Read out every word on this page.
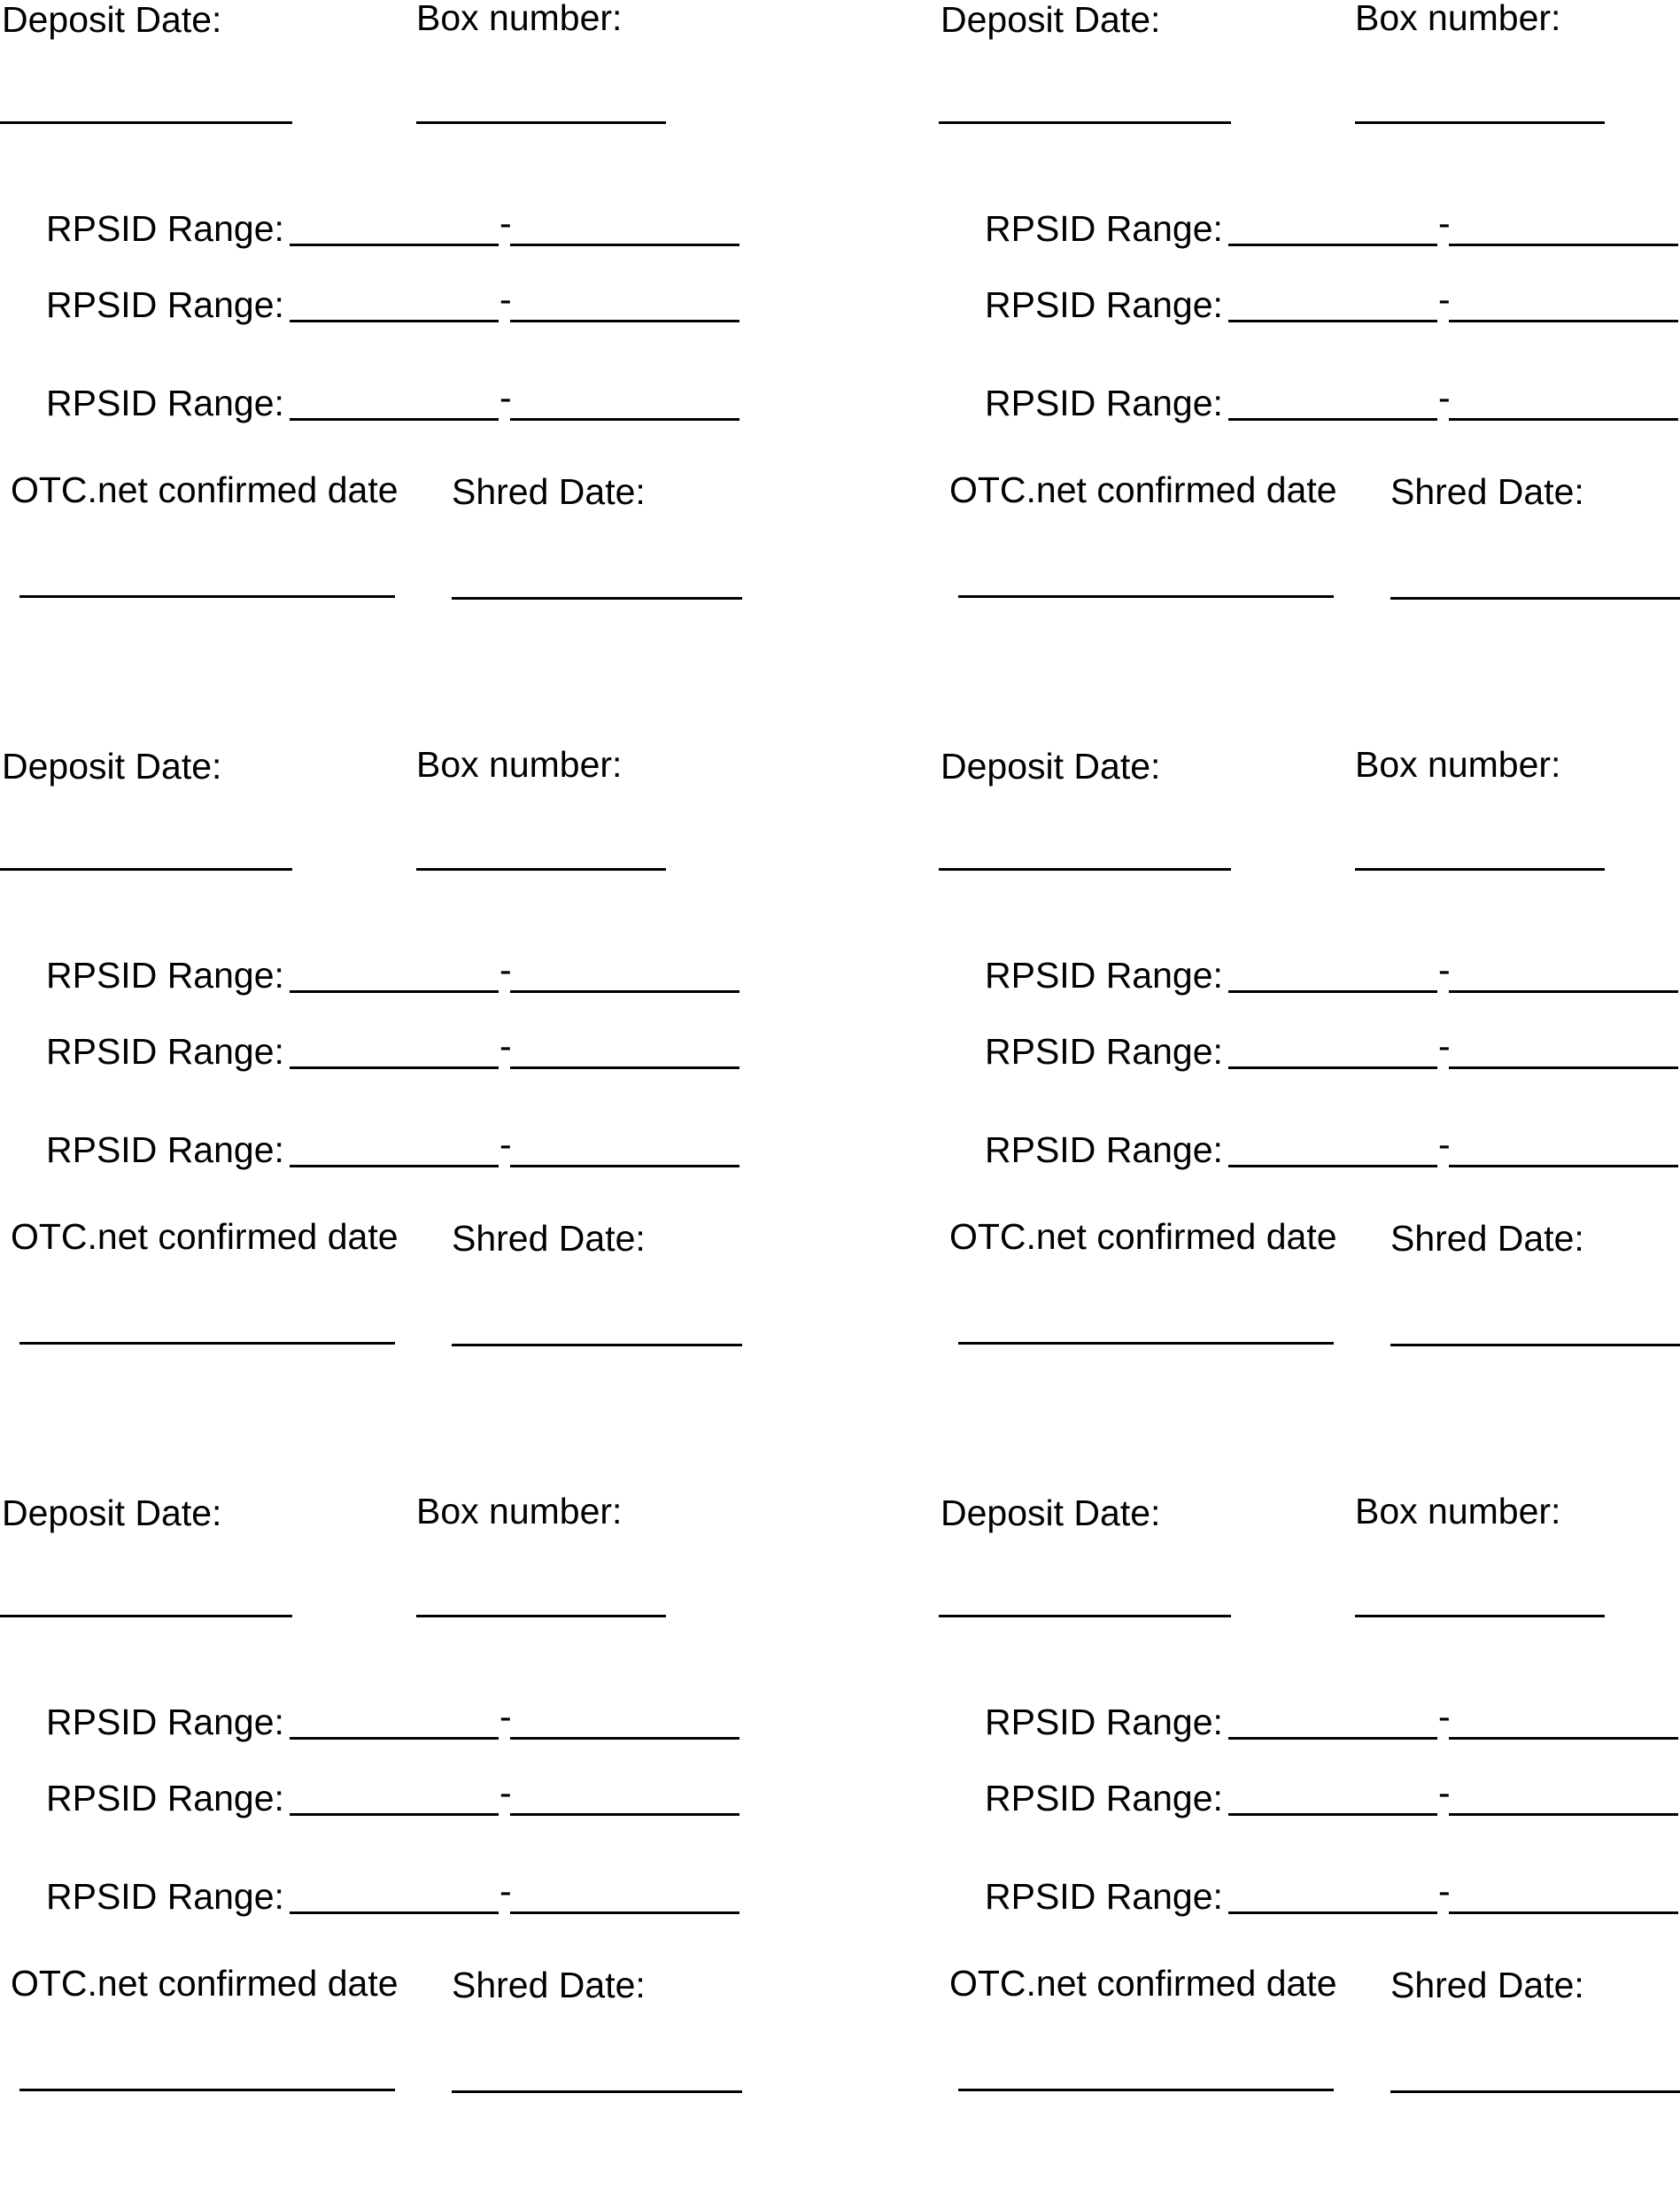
Deposit Date:	Box number:
RPSID Range:	-
RPSID Range:	-
RPSID Range:	-
OTC.net confirmed date Shred Date:
Deposit Date:	Box number:
RPSID Range:	-
RPSID Range:	-
RPSID Range:	-
OTC.net confirmed date Shred Date:
Deposit Date:	Box number:
RPSID Range:	-
RPSID Range:	-
RPSID Range:	-
OTC.net confirmed date Shred Date:
Deposit Date:	Box number:
RPSID Range:	-
RPSID Range:	-
RPSID Range:	-
OTC.net confirmed date Shred Date:
Deposit Date:	Box number:
RPSID Range:	-
RPSID Range:	-
RPSID Range:	-
OTC.net confirmed date Shred Date:
Deposit Date:	Box number:
RPSID Range:	-
RPSID Range:	-
RPSID Range:	-
OTC.net confirmed date Shred Date:
